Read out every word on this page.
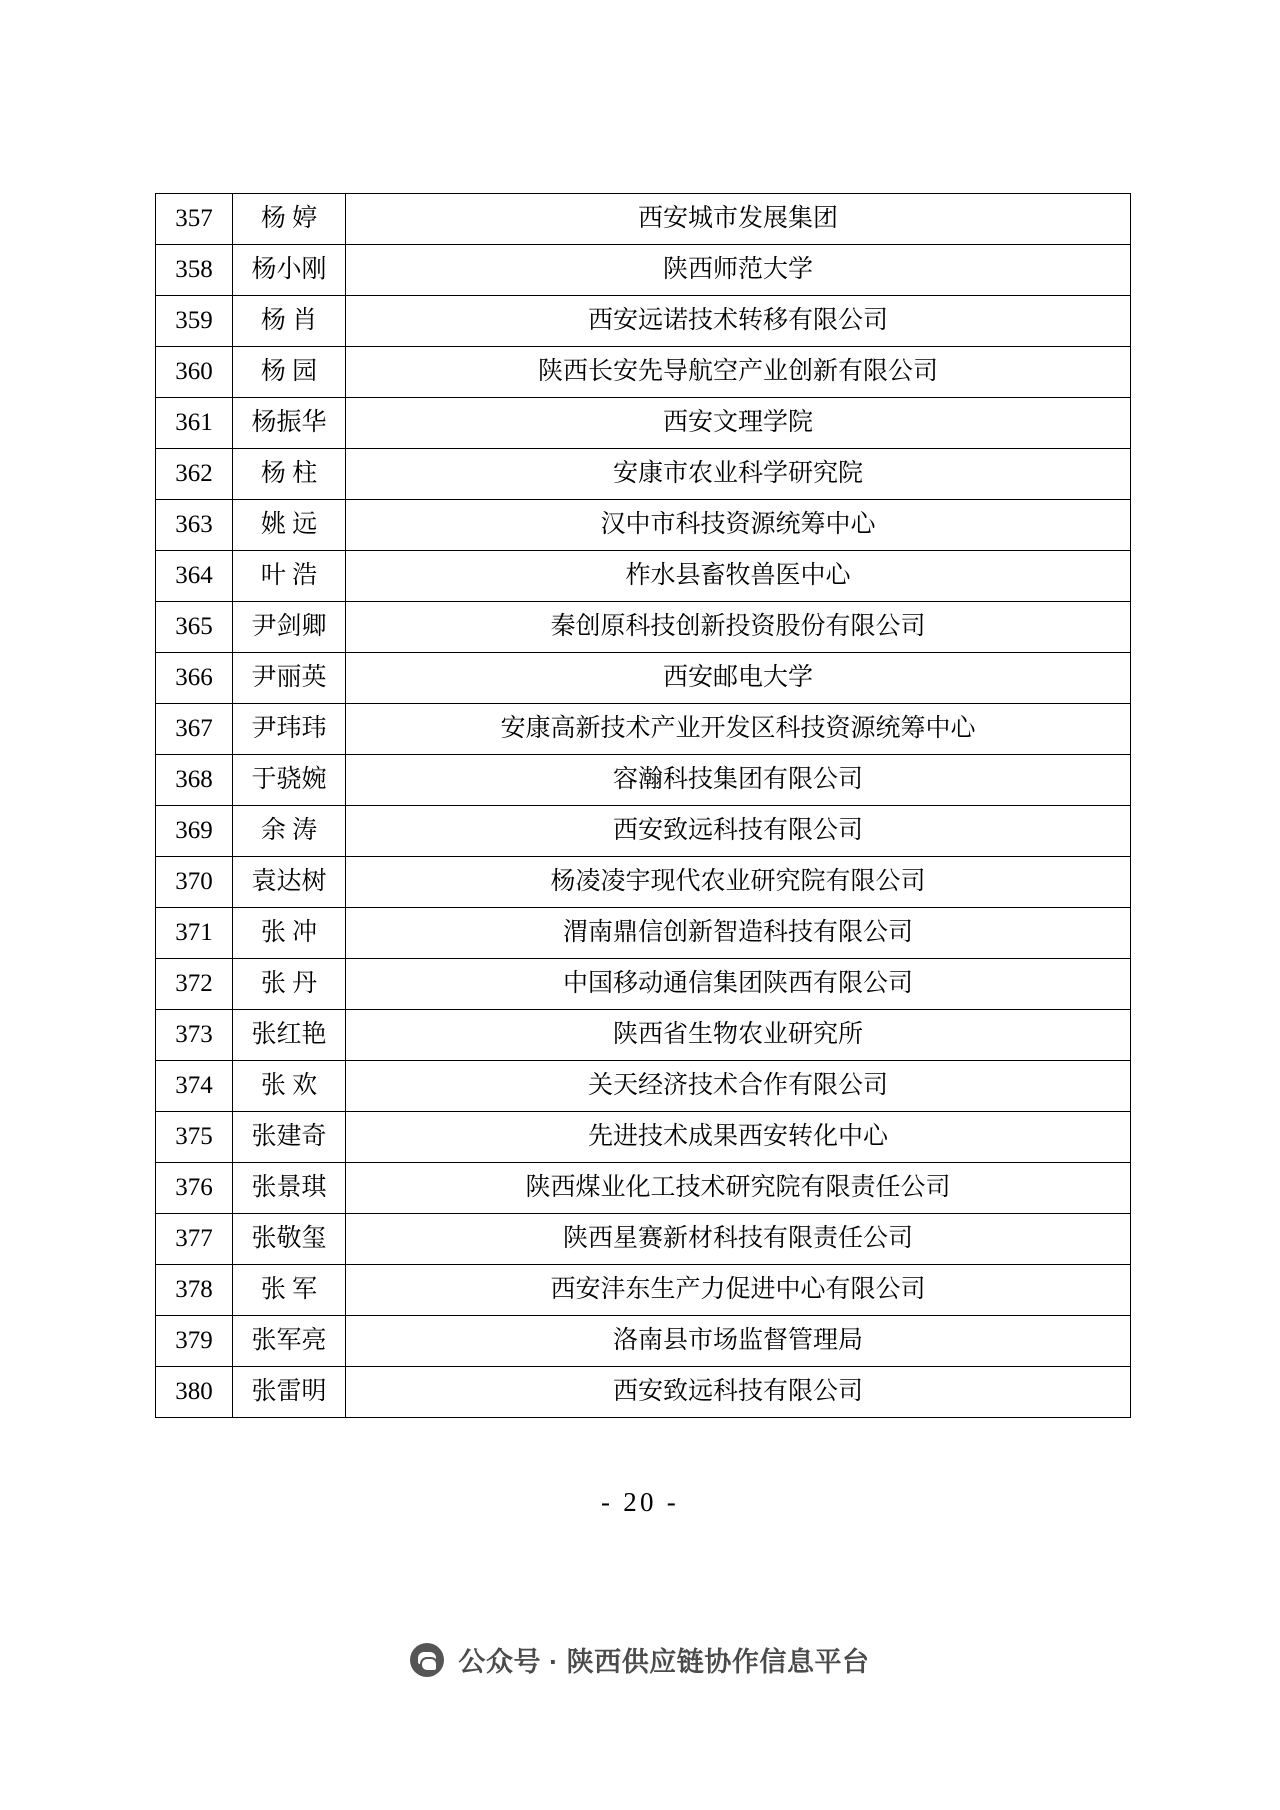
357	杨 婷	西安城市发展集团
358	杨小刚	陕西师范大学
359	杨 肖	西安远诺技术转移有限公司
360	杨 园	陕西长安先导航空产业创新有限公司
361	杨振华	西安文理学院
362	杨 柱	安康市农业科学研究院
363	姚 远	汉中市科技资源统筹中心
364	叶 浩	柞水县畜牧兽医中心
365	尹剑卿	秦创原科技创新投资股份有限公司
366	尹丽英	西安邮电大学
367	尹玮玮	安康高新技术产业开发区科技资源统筹中心
368	于骁婉	容瀚科技集团有限公司
369	余 涛	西安致远科技有限公司
370	袁达树	杨凌凌宇现代农业研究院有限公司
371	张 冲	渭南鼎信创新智造科技有限公司
372	张 丹	中国移动通信集团陕西有限公司
373	张红艳	陕西省生物农业研究所
374	张 欢	关天经济技术合作有限公司
375	张建奇	先进技术成果西安转化中心
376	张景琪	陕西煤业化工技术研究院有限责任公司
377	张敬玺	陕西星赛新材科技有限责任公司
378	张 军	西安沣东生产力促进中心有限公司
379	张军亮	洛南县市场监督管理局
380	张雷明	西安致远科技有限公司
- 20 -
公众号 · 陕西供应链协作信息平台
